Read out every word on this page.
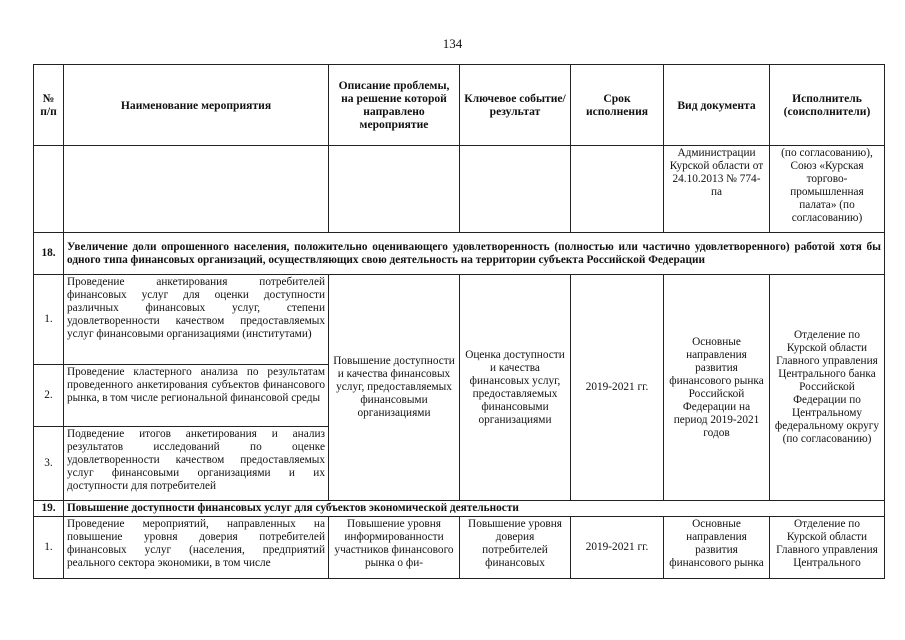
134
№ п/п	Наименование мероприятия	Описание проблемы, на решение которой направлено мероприятие	Ключевое событие/ результат	Срок исполнения	Вид документа	Исполнитель (соисполнители)
					Администрации Курской области от 24.10.2013 № 774-па	(по согласованию), Союз «Курская торгово-промышленная палата» (по согласованию)
18.	Увеличение доли опрошенного населения, положительно оценивающего удовлетворенность (полностью или частично удовлетворенного) работой хотя бы одного типа финансовых организаций, осуществляющих свою деятельность на территории субъекта Российской Федерации					
1.	Проведение анкетирования потребителей финансовых услуг для оценки доступности различных финансовых услуг, степени удовлетворенности качеством предоставляемых услуг финансовыми организациями (институтами)	Повышение доступности и качества финансовых услуг, предоставляемых финансовыми организациями	Оценка доступности и качества финансовых услуг, предоставляемых финансовыми организациями	2019-2021 гг.	Основные направления развития финансового рынка Российской Федерации на период 2019-2021 годов	Отделение по Курской области Главного управления Центрального банка Российской Федерации по Центральному федеральному округу (по согласованию)
2.	Проведение кластерного анализа по результатам проведенного анкетирования субъектов финансового рынка, в том числе региональной финансовой среды					
3.	Подведение итогов анкетирования и анализ результатов исследований по оценке удовлетворенности качеством предоставляемых услуг финансовыми организациями и их доступности для потребителей					
19.	Повышение доступности финансовых услуг для субъектов экономической деятельности					
1.	Проведение мероприятий, направленных на повышение уровня доверия потребителей финансовых услуг (населения, предприятий реального сектора экономики, в том числе	Повышение уровня информированности участников финансового рынка о фи-	Повышение уровня доверия потребителей финансовых	2019-2021 гг.	Основные направления развития финансового рынка	Отделение по Курской области Главного управления Центрального
